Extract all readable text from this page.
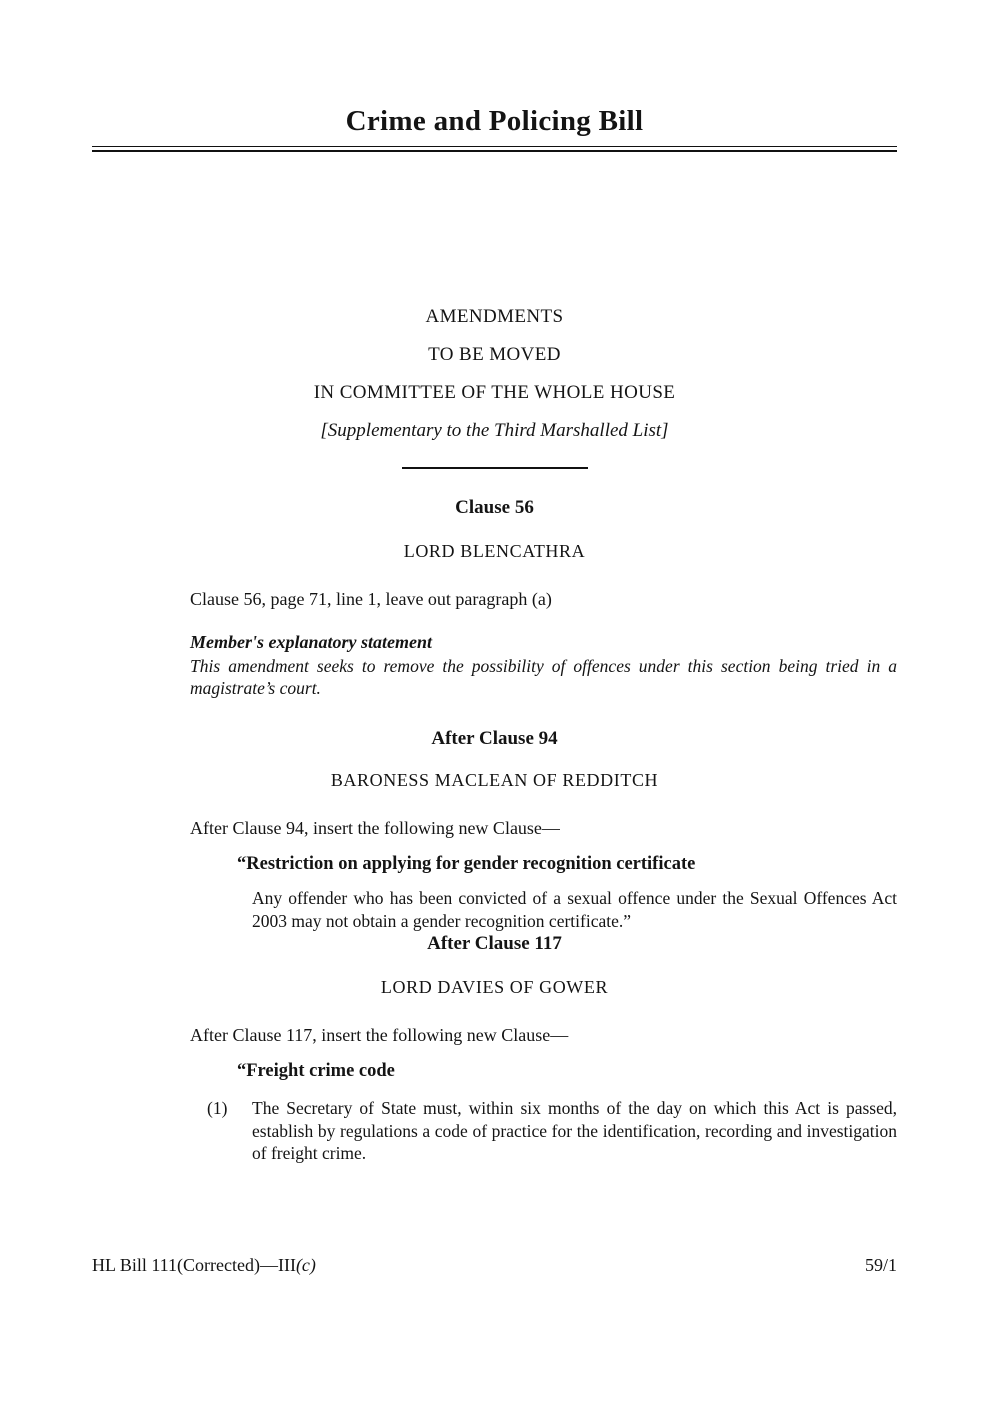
Crime and Policing Bill

AMENDMENTS

TO BE MOVED

IN COMMITTEE OF THE WHOLE HOUSE

[Supplementary to the Third Marshalled List]

Clause 56

LORD BLENCATHRA

Clause 56, page 71, line 1, leave out paragraph (a)

Member's explanatory statement

This amendment seeks to remove the possibility of offences under this section being tried in a magistrate’s court.

After Clause 94

BARONESS MACLEAN OF REDDITCH

After Clause 94, insert the following new Clause—

“Restriction on applying for gender recognition certificate

Any offender who has been convicted of a sexual offence under the Sexual Offences Act 2003 may not obtain a gender recognition certificate.”

After Clause 117

LORD DAVIES OF GOWER

After Clause 117, insert the following new Clause—

“Freight crime code

(1)	The Secretary of State must, within six months of the day on which this Act is passed, establish by regulations a code of practice for the identification, recording and investigation of freight crime.

HL Bill 111(Corrected)—III(c)	59/1
